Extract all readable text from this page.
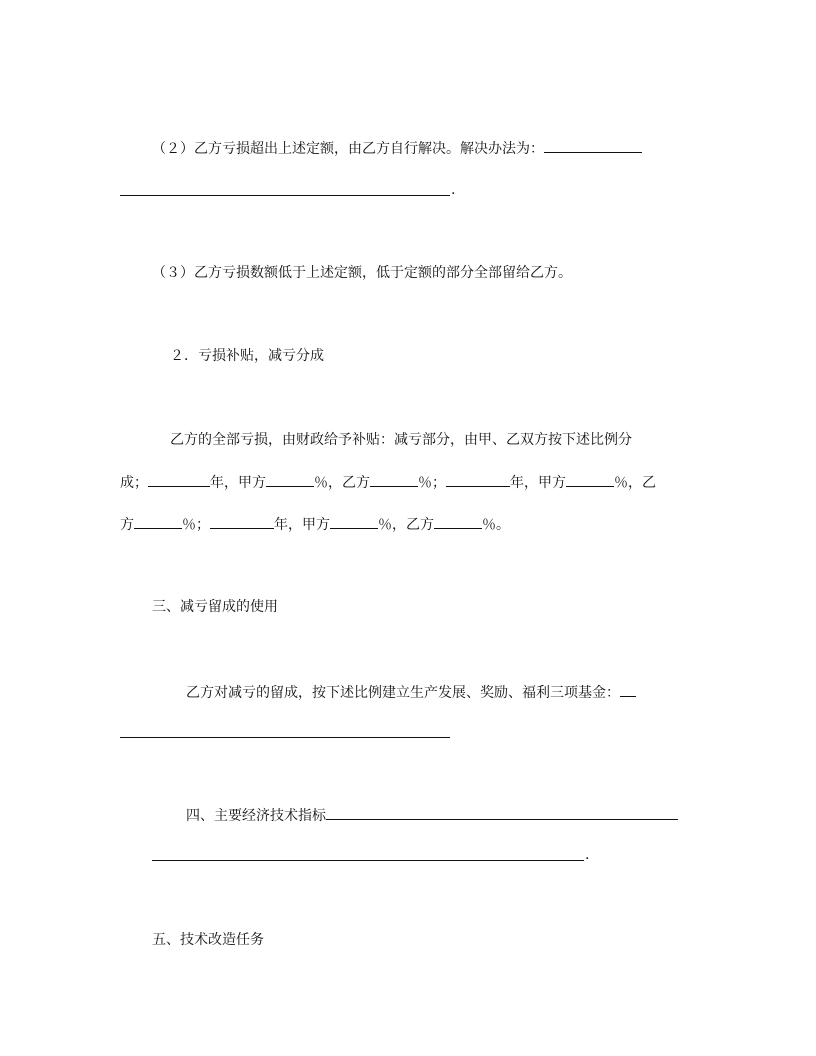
（２）乙方亏损超出上述定额，由乙方自行解决。解决办法为：
.
（３）乙方亏损数额低于上述定额，低于定额的部分全部留给乙方。
２．亏损补贴，减亏分成
乙方的全部亏损，由财政给予补贴：减亏部分，由甲、乙双方按下述比例分
成；	年，甲方	％，乙方	％；	年，甲方	％，乙
方	％；	年，甲方	％，乙方	％。
三、减亏留成的使用
乙方对减亏的留成，按下述比例建立生产发展、奖励、福利三项基金：
四、主要经济技术指标
.
五、技术改造任务
